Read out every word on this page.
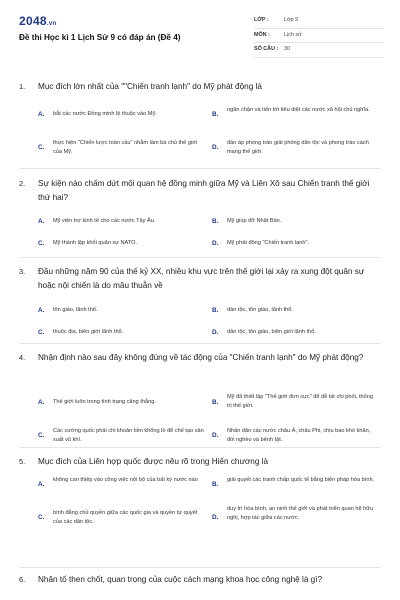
2048.vn
Đề thi Học kì 1 Lịch Sử 9 có đáp án (Đề 4)
LỚP :	Lớp 9
MÔN :	Lịch sử
SỐ CÂU : 30
1. Mục đích lớn nhất của ""Chiến tranh lạnh" do Mỹ phát động là
A. bắt các nước Đồng minh lệ thuộc vào Mỹ.	B.
ngăn chặn và tiến tới tiêu diệt các nước xã hội chủ nghĩa.
C.
thực hiện "Chiến lược toàn cầu" nhằm làm bá chủ thế giới của Mỹ.
D.
đàn áp phong trào giải phóng dân tộc và phong trào cách mạng thế giới.
2. Sự kiện nào chấm dứt mối quan hệ đồng minh giữa Mỹ và Liên Xô sau Chiến tranh thế giới thứ hai?
A. Mỹ viện trợ kinh tế cho các nước Tây Âu.	B. Mỹ giúp đỡ Nhật Bản.
C. Mỹ thành lập khối quân sự NATO.	D. Mỹ phát động "Chiến tranh lạnh".
3. Đầu những năm 90 của thế kỷ XX, nhiều khu vực trên thế giới lại xảy ra xung đột quân sự hoặc nội chiến là do mâu thuẫn về
A. tôn giáo, lãnh thổ.	B. dân tộc, tôn giáo, lãnh thổ.
C. thuộc địa, biên giới lãnh thổ.	D. dân tộc, tôn giáo, biên giới lãnh thổ.
4. Nhận định nào sau đây không đúng về tác động của "Chiến tranh lạnh" do Mỹ phát động?
A. Thế giới luôn trong tình trạng căng thẳng.	B.
Mỹ đã thiết lập "Thế giới đơn cực" để dễ bề chi phối, thống trị thế giới.
C.
Các cường quốc phải chi khoản tiền khổng lồ để chế tạo sản xuất vũ khí.
D.
Nhân dân các nước châu Á, châu Phi, chịu bao khó khăn, đói nghèo và bệnh tật.
5. Mục đích của Liên hợp quốc được nêu rõ trong Hiến chương là
A.
không can thiệp vào công việc nội bộ của bất kỳ nước nào
B.
giải quyết các tranh chấp quốc tế bằng biện pháp hòa bình.
C.
bình đẳng chủ quyền giữa các quốc gia và quyền tự quyết của các dân tộc.
D.
duy trì hòa bình, an ninh thế giới và phát triển quan hệ hữu nghị, hợp tác giữa các nước.
6. Nhân tố then chốt, quan trọng của cuộc cách mạng khoa học công nghệ là gì?
